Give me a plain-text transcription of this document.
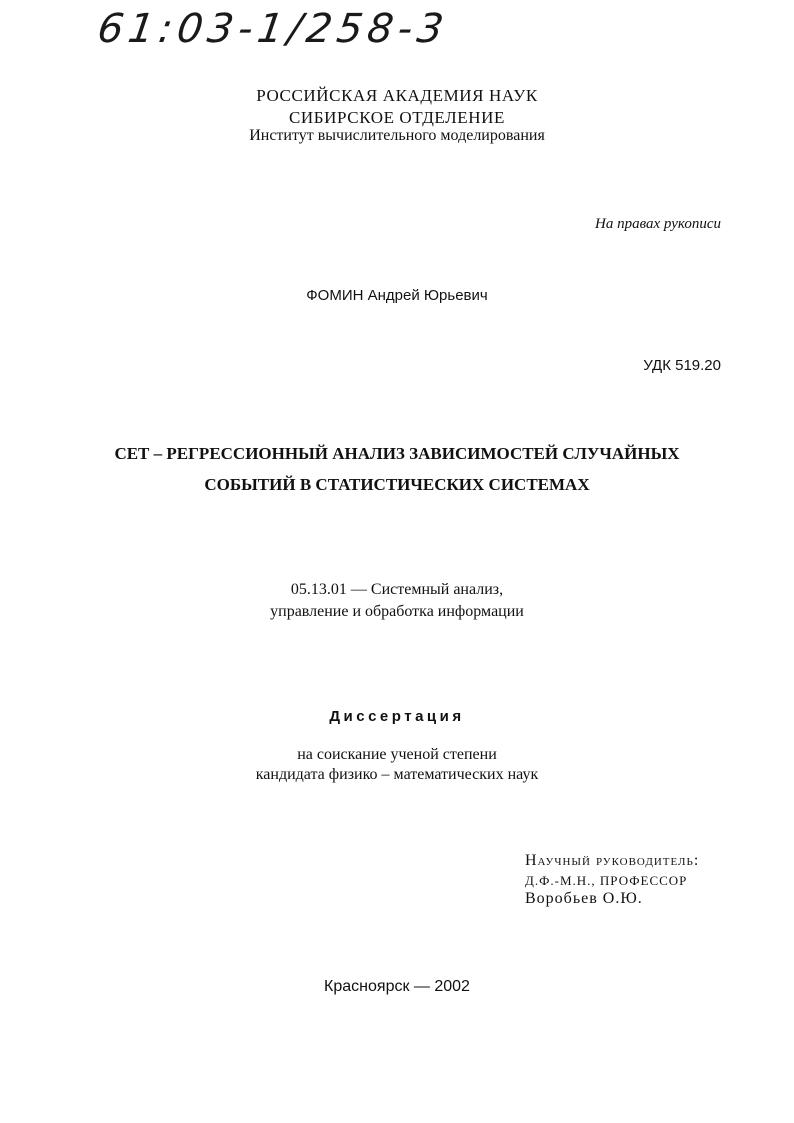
61:03-1/258-3
РОССИЙСКАЯ АКАДЕМИЯ НАУК
СИБИРСКОЕ ОТДЕЛЕНИЕ
Институт вычислительного моделирования
На правах рукописи
ФОМИН Андрей Юрьевич
УДК 519.20
СЕТ – РЕГРЕССИОННЫЙ АНАЛИЗ ЗАВИСИМОСТЕЙ СЛУЧАЙНЫХ
СОБЫТИЙ В СТАТИСТИЧЕСКИХ СИСТЕМАХ
05.13.01 — Системный анализ,
управление и обработка информации
Диссертация
на соискание ученой степени
кандидата физико – математических наук
Научный руководитель:
Д.Ф.-М.Н., ПРОФЕССОР
Воробьев О.Ю.
Красноярск — 2002
